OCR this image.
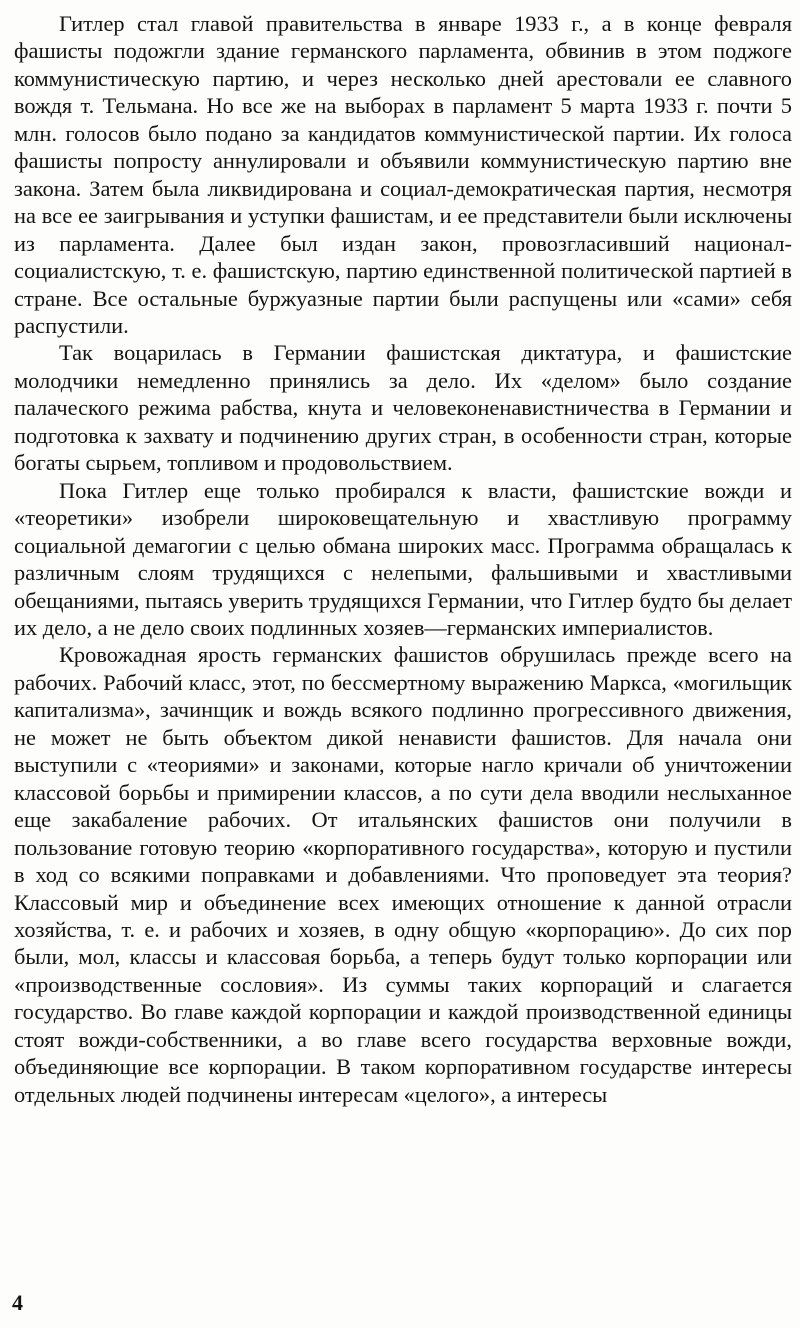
Гитлер стал главой правительства в январе 1933 г., а в конце февраля фашисты подожгли здание германского парламента, обвинив в этом поджоге коммунистическую партию, и через несколько дней арестовали ее славного вождя т. Тельмана. Но все же на выборах в парламент 5 марта 1933 г. почти 5 млн. голосов было подано за кандидатов коммунистической партии. Их голоса фашисты попросту аннулировали и объявили коммунистическую партию вне закона. Затем была ликвидирована и социал-демократическая партия, несмотря на все ее заигрывания и уступки фашистам, и ее представители были исключены из парламента. Далее был издан закон, провозгласивший национал-социалистскую, т. е. фашистскую, партию единственной политической партией в стране. Все остальные буржуазные партии были распущены или «сами» себя распустили.

Так воцарилась в Германии фашистская диктатура, и фашистские молодчики немедленно принялись за дело. Их «делом» было создание палаческого режима рабства, кнута и человеконенавистничества в Германии и подготовка к захвату и подчинению других стран, в особенности стран, которые богаты сырьем, топливом и продовольствием.

Пока Гитлер еще только пробирался к власти, фашистские вожди и «теоретики» изобрели широковещательную и хвастливую программу социальной демагогии с целью обмана широких масс. Программа обращалась к различным слоям трудящихся с нелепыми, фальшивыми и хвастливыми обещаниями, пытаясь уверить трудящихся Германии, что Гитлер будто бы делает их дело, а не дело своих подлинных хозяев—германских империалистов.

Кровожадная ярость германских фашистов обрушилась прежде всего на рабочих. Рабочий класс, этот, по бессмертному выражению Маркса, «могильщик капитализма», зачинщик и вождь всякого подлинно прогрессивного движения, не может не быть объектом дикой ненависти фашистов. Для начала они выступили с «теориями» и законами, которые нагло кричали об уничтожении классовой борьбы и примирении классов, а по сути дела вводили неслыханное еще закабаление рабочих. От итальянских фашистов они получили в пользование готовую теорию «корпоративного государства», которую и пустили в ход со всякими поправками и добавлениями. Что проповедует эта теория? Классовый мир и объединение всех имеющих отношение к данной отрасли хозяйства, т. е. и рабочих и хозяев, в одну общую «корпорацию». До сих пор были, мол, классы и классовая борьба, а теперь будут только корпорации или «производственные сословия». Из суммы таких корпораций и слагается государство. Во главе каждой корпорации и каждой производственной единицы стоят вожди-собственники, а во главе всего государства верховные вожди, объединяющие все корпорации. В таком корпоративном государстве интересы отдельных людей подчинены интересам «целого», а интересы

4
